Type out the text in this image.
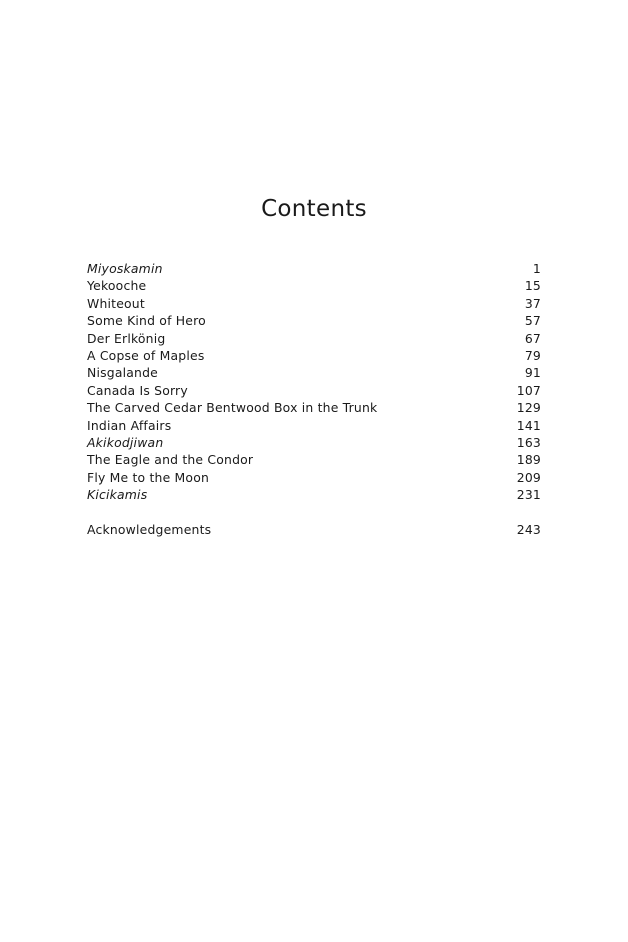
Contents
Miyoskamin	1
Yekooche	15
Whiteout	37
Some Kind of Hero	57
Der Erlkönig	67
A Copse of Maples	79
Nisgalande	91
Canada Is Sorry	107
The Carved Cedar Bentwood Box in the Trunk	129
Indian Affairs	141
Akikodjiwan	163
The Eagle and the Condor	189
Fly Me to the Moon	209
Kicikamis	231
Acknowledgements	243
